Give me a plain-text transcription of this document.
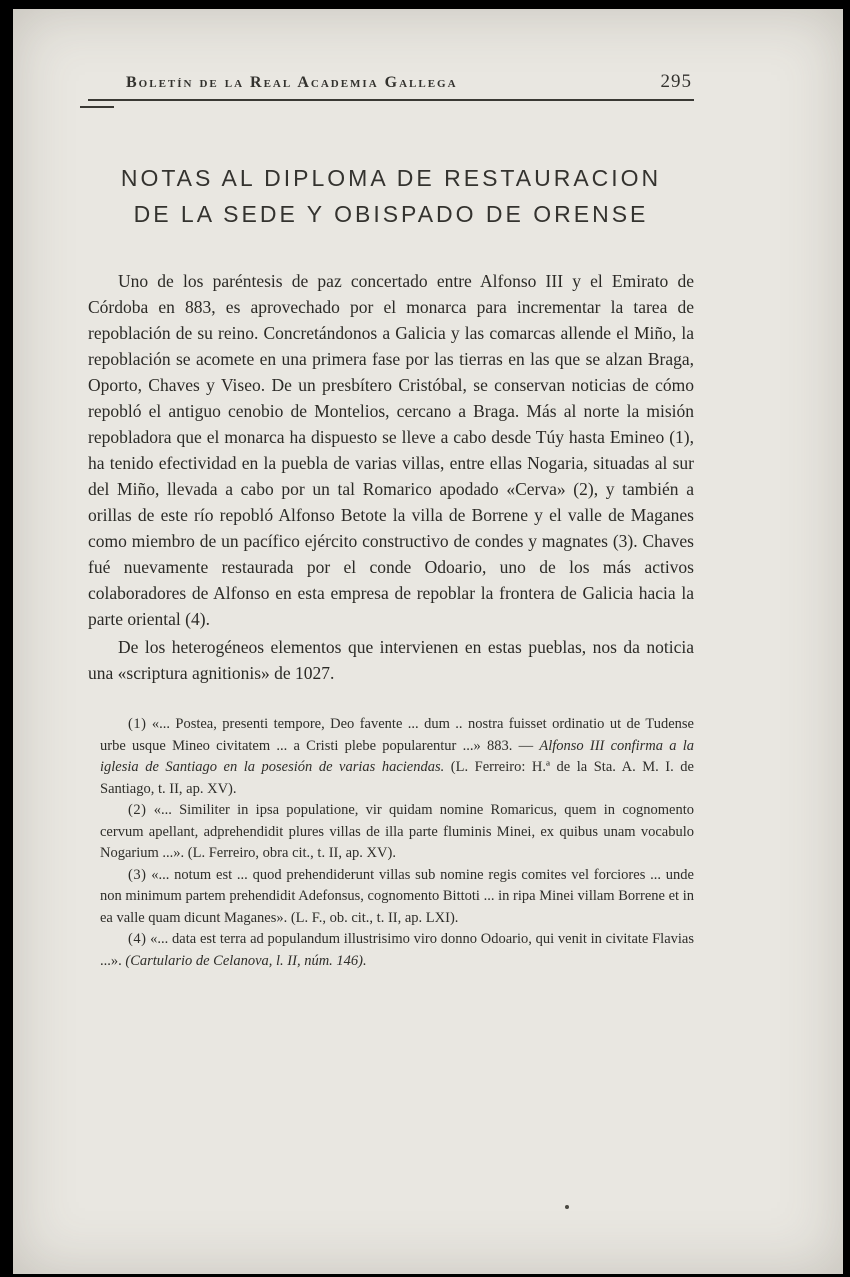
Boletín de la Real Academia Gallega	295
NOTAS AL DIPLOMA DE RESTAURACION
DE LA SEDE Y OBISPADO DE ORENSE

Uno de los paréntesis de paz concertado entre Alfonso III y el Emirato de Córdoba en 883, es aprovechado por el monarca para incrementar la tarea de repoblación de su reino. Concretándonos a Galicia y las comarcas allende el Miño, la repoblación se acomete en una primera fase por las tierras en las que se alzan Braga, Oporto, Chaves y Viseo. De un presbítero Cristóbal, se conservan noticias de cómo repobló el antiguo cenobio de Montelios, cercano a Braga. Más al norte la misión repobladora que el monarca ha dispuesto se lleve a cabo desde Túy hasta Emineo (1), ha tenido efectividad en la puebla de varias villas, entre ellas Nogaria, situadas al sur del Miño, llevada a cabo por un tal Romarico apodado «Cerva» (2), y también a orillas de este río repobló Alfonso Betote la villa de Borrene y el valle de Maganes como miembro de un pacífico ejército constructivo de condes y magnates (3). Chaves fué nuevamente restaurada por el conde Odoario, uno de los más activos colaboradores de Alfonso en esta empresa de repoblar la frontera de Galicia hacia la parte oriental (4).

De los heterogéneos elementos que intervienen en estas pueblas, nos da noticia una «scriptura agnitionis» de 1027.

(1) «... Postea, presenti tempore, Deo favente ... dum .. nostra fuisset ordinatio ut de Tudense urbe usque Mineo civitatem ... a Cristi plebe popularentur ...» 883. — Alfonso III confirma a la iglesia de Santiago en la posesión de varias haciendas. (L. Ferreiro: H.ª de la Sta. A. M. I. de Santiago, t. II, ap. XV).

(2) «... Similiter in ipsa populatione, vir quidam nomine Romaricus, quem in cognomento cervum apellant, adprehendidit plures villas de illa parte fluminis Minei, ex quibus unam vocabulo Nogarium ...». (L. Ferreiro, obra cit., t. II, ap. XV).

(3) «... notum est ... quod prehendiderunt villas sub nomine regis comites vel forciores ... unde non minimum partem prehendidit Adefonsus, cognomento Bittoti ... in ripa Minei villam Borrene et in ea valle quam dicunt Maganes». (L. F., ob. cit., t. II, ap. LXI).

(4) «... data est terra ad populandum illustrisimo viro donno Odoario, qui venit in civitate Flavias ...». (Cartulario de Celanova, l. II, núm. 146).
